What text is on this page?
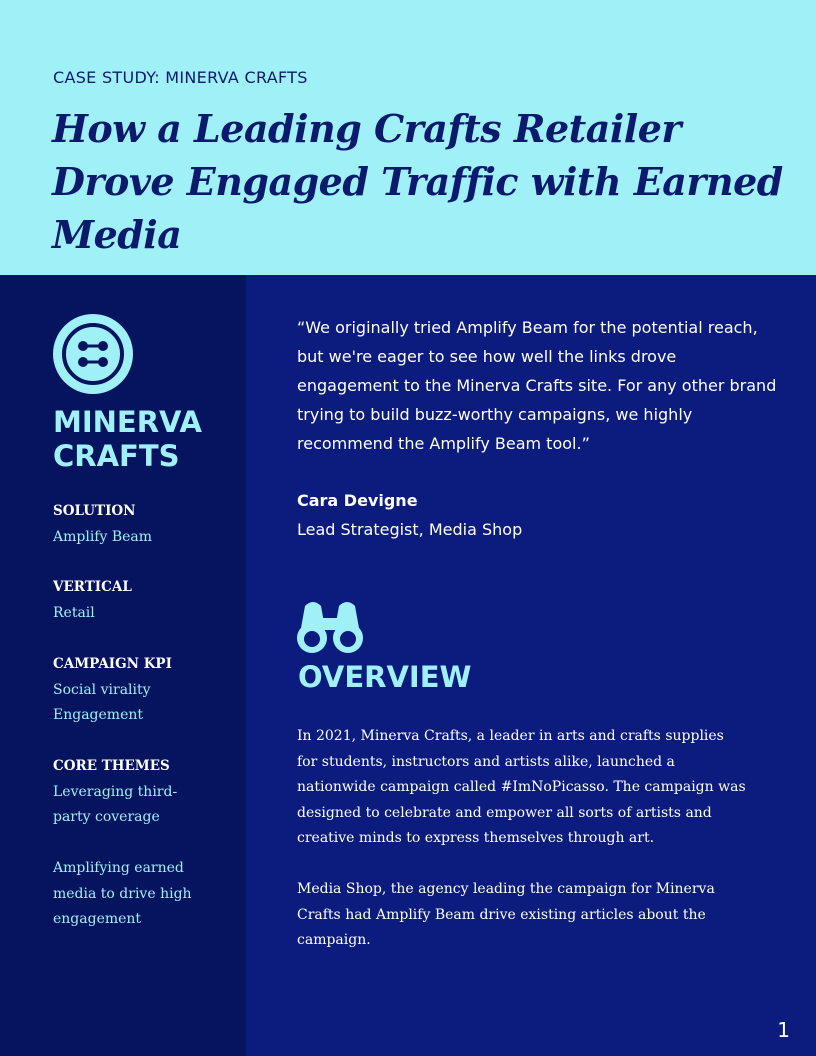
CASE STUDY: MINERVA CRAFTS
How a Leading Crafts Retailer Drove Engaged Traffic with Earned Media
MINERVA
CRAFTS
SOLUTION
Amplify Beam
VERTICAL
Retail
CAMPAIGN KPI
Social virality
Engagement
CORE THEMES
Leveraging third-party coverage
Amplifying earned media to drive high engagement

“We originally tried Amplify Beam for the potential reach, but we're eager to see how well the links drove engagement to the Minerva Crafts site. For any other brand trying to build buzz-worthy campaigns, we highly recommend the Amplify Beam tool.”

Cara Devigne
Lead Strategist, Media Shop
OVERVIEW

In 2021, Minerva Crafts, a leader in arts and crafts supplies for students, instructors and artists alike, launched a nationwide campaign called #ImNoPicasso. The campaign was designed to celebrate and empower all sorts of artists and creative minds to express themselves through art.

Media Shop, the agency leading the campaign for Minerva Crafts had Amplify Beam drive existing articles about the campaign.

1
